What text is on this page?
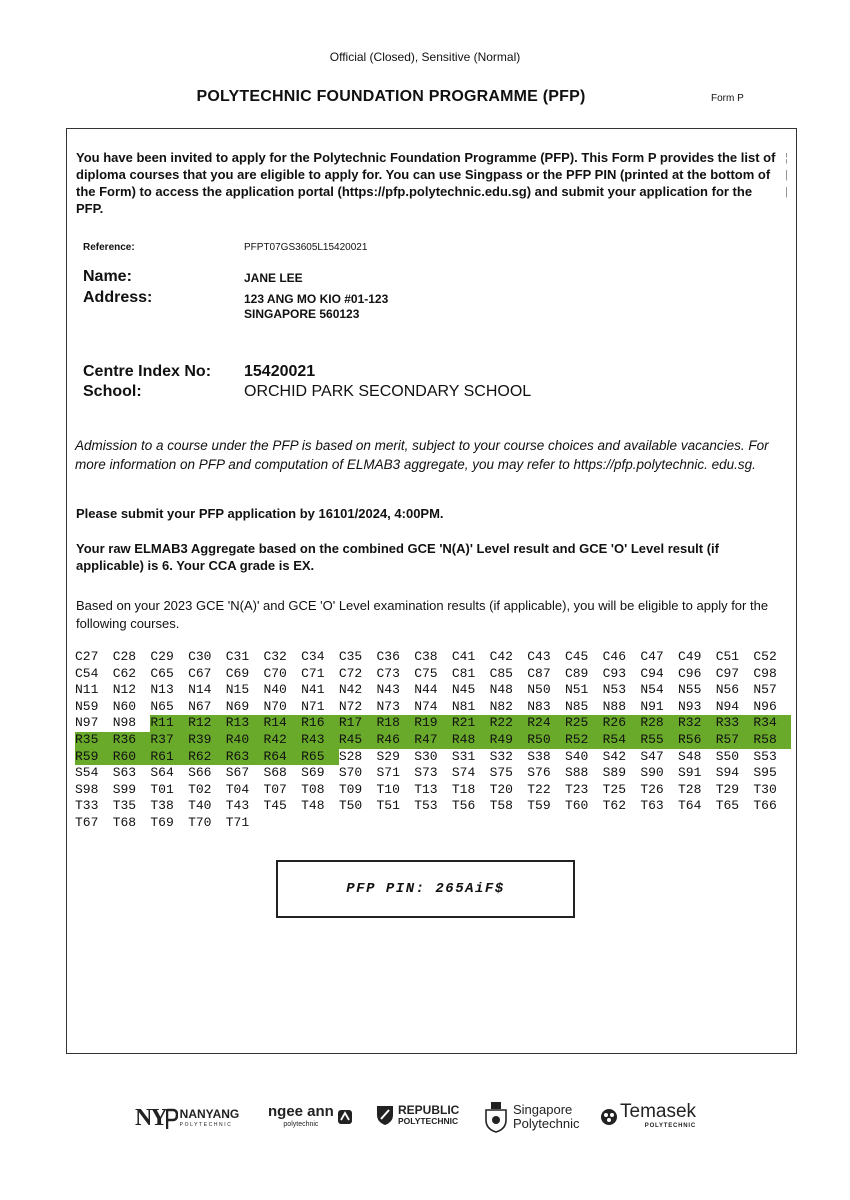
Official (Closed), Sensitive (Normal)
POLYTECHNIC FOUNDATION PROGRAMME (PFP)	Form P
You have been invited to apply for the Polytechnic Foundation Programme (PFP). This Form P provides the list of diploma courses that you are eligible to apply for. You can use Singpass or the PFP PIN (printed at the bottom of the Form) to access the application portal (https://pfp.polytechnic.edu.sg) and submit your application for the PFP.
¦
|
|

Reference:	PFPT07GS3605L15420021
Name:	JANE LEE
Address:	123 ANG MO KIO #01-123
SINGAPORE 560123
Centre Index No: 15420021
School:	ORCHID PARK SECONDARY SCHOOL
Admission to a course under the PFP is based on merit, subject to your course choices and available vacancies. For more information on PFP and computation of ELMAB3 aggregate, you may refer to https://pfp.polytechnic. edu.sg.
Please submit your PFP application by 16101/2024, 4:00PM.
Your raw ELMAB3 Aggregate based on the combined GCE 'N(A)' Level result and GCE 'O' Level result (if applicable) is 6. Your CCA grade is EX.
Based on your 2023 GCE 'N(A)' and GCE 'O' Level examination results (if applicable), you will be eligible to apply for the following courses.
C27 C28 C29 C30 C31 C32 C34 C35 C36 C38 C41 C42 C43 C45 C46 C47 C49 C51 C52
C54 C62 C65 C67 C69 C70 C71 C72 C73 C75 C81 C85 C87 C89 C93 C94 C96 C97 C98
N11 N12 N13 N14 N15 N40 N41 N42 N43 N44 N45 N48 N50 N51 N53 N54 N55 N56 N57
N59 N60 N65 N67 N69 N70 N71 N72 N73 N74 N81 N82 N83 N85 N88 N91 N93 N94 N96
N97 N98 R11 R12 R13 R14 R16 R17 R18 R19 R21 R22 R24 R25 R26 R28 R32 R33 R34
R35 R36 R37 R39 R40 R42 R43 R45 R46 R47 R48 R49 R50 R52 R54 R55 R56 R57 R58
R59 R60 R61 R62 R63 R64 R65 S28 S29 S30 S31 S32 S38 S40 S42 S47 S48 S50 S53
S54 S63 S64 S66 S67 S68 S69 S70 S71 S73 S74 S75 S76 S88 S89 S90 S91 S94 S95
S98 S99 T01 T02 T04 T07 T08 T09 T10 T13 T18 T20 T22 T23 T25 T26 T28 T29 T30
T33 T35 T38 T40 T43 T45 T48 T50 T51 T53 T56 T58 T59 T60 T62 T63 T64 T65 T66
T67 T68 T69 T70 T71
PFP PIN: 265AiF$
NY NANYANG
POLYTECHNIC
ngee ann
polytechnic
REPUBLIC
POLYTECHNIC
Singapore
Polytechnic
Temasek
POLYTECHNIC
